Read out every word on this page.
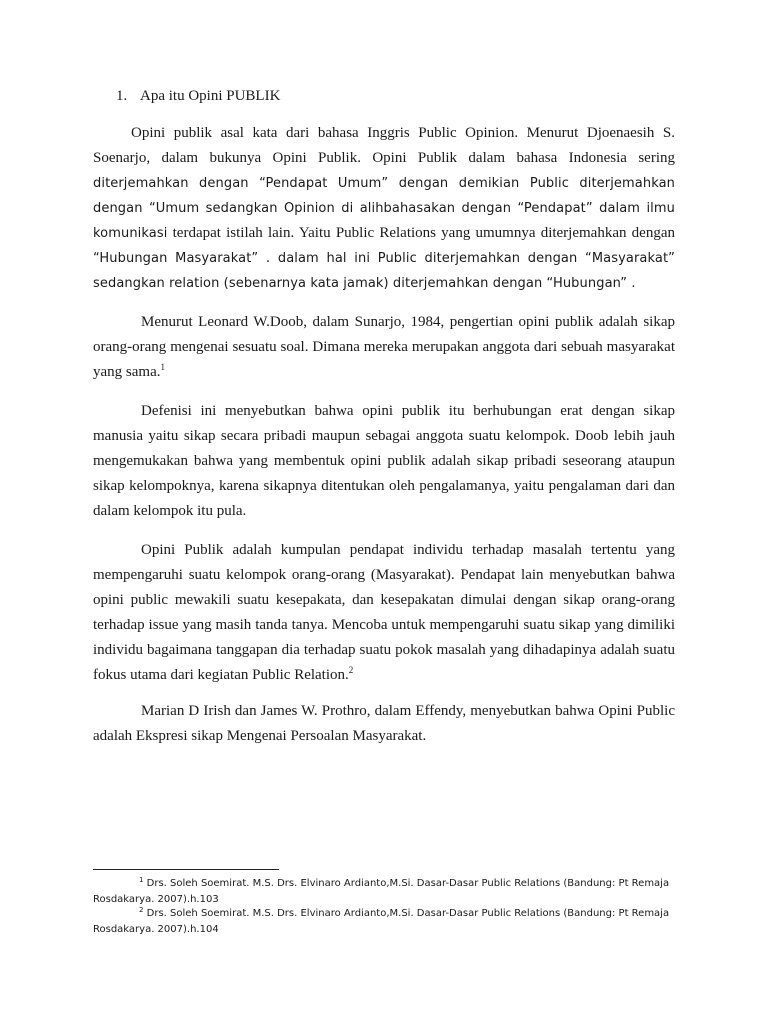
1. Apa itu Opini PUBLIK

Opini publik asal kata dari bahasa Inggris Public Opinion. Menurut Djoenaesih S. Soenarjo, dalam bukunya Opini Publik. Opini Publik dalam bahasa Indonesia sering diterjemahkan dengan “Pendapat Umum” dengan demikian Public diterjemahkan dengan “Umum sedangkan Opinion di alihbahasakan dengan “Pendapat” dalam ilmu komunikasi terdapat istilah lain. Yaitu Public Relations yang umumnya diterjemahkan dengan “Hubungan Masyarakat” . dalam hal ini Public diterjemahkan dengan “Masyarakat” sedangkan relation (sebenarnya kata jamak) diterjemahkan dengan “Hubungan” .

Menurut Leonard W.Doob, dalam Sunarjo, 1984, pengertian opini publik adalah sikap orang-orang mengenai sesuatu soal. Dimana mereka merupakan anggota dari sebuah masyarakat yang sama.$^1$

Defenisi ini menyebutkan bahwa opini publik itu berhubungan erat dengan sikap manusia yaitu sikap secara pribadi maupun sebagai anggota suatu kelompok. Doob lebih jauh mengemukakan bahwa yang membentuk opini publik adalah sikap pribadi seseorang ataupun sikap kelompoknya, karena sikapnya ditentukan oleh pengalamanya, yaitu pengalaman dari dan dalam kelompok itu pula.

Opini Publik adalah kumpulan pendapat individu terhadap masalah tertentu yang mempengaruhi suatu kelompok orang-orang (Masyarakat). Pendapat lain menyebutkan bahwa opini public mewakili suatu kesepakata, dan kesepakatan dimulai dengan sikap orang-orang terhadap issue yang masih tanda tanya. Mencoba untuk mempengaruhi suatu sikap yang dimiliki individu bagaimana tanggapan dia terhadap suatu pokok masalah yang dihadapinya adalah suatu fokus utama dari kegiatan Public Relation.$^2$

Marian D Irish dan James W. Prothro, dalam Effendy, menyebutkan bahwa Opini Public adalah Ekspresi sikap Mengenai Persoalan Masyarakat.

$^1$ Drs. Soleh Soemirat. M.S. Drs. Elvinaro Ardianto,M.Si. Dasar-Dasar Public Relations (Bandung: Pt Remaja Rosdakarya. 2007).h.103

$^2$ Drs. Soleh Soemirat. M.S. Drs. Elvinaro Ardianto,M.Si. Dasar-Dasar Public Relations (Bandung: Pt Remaja Rosdakarya. 2007).h.104
